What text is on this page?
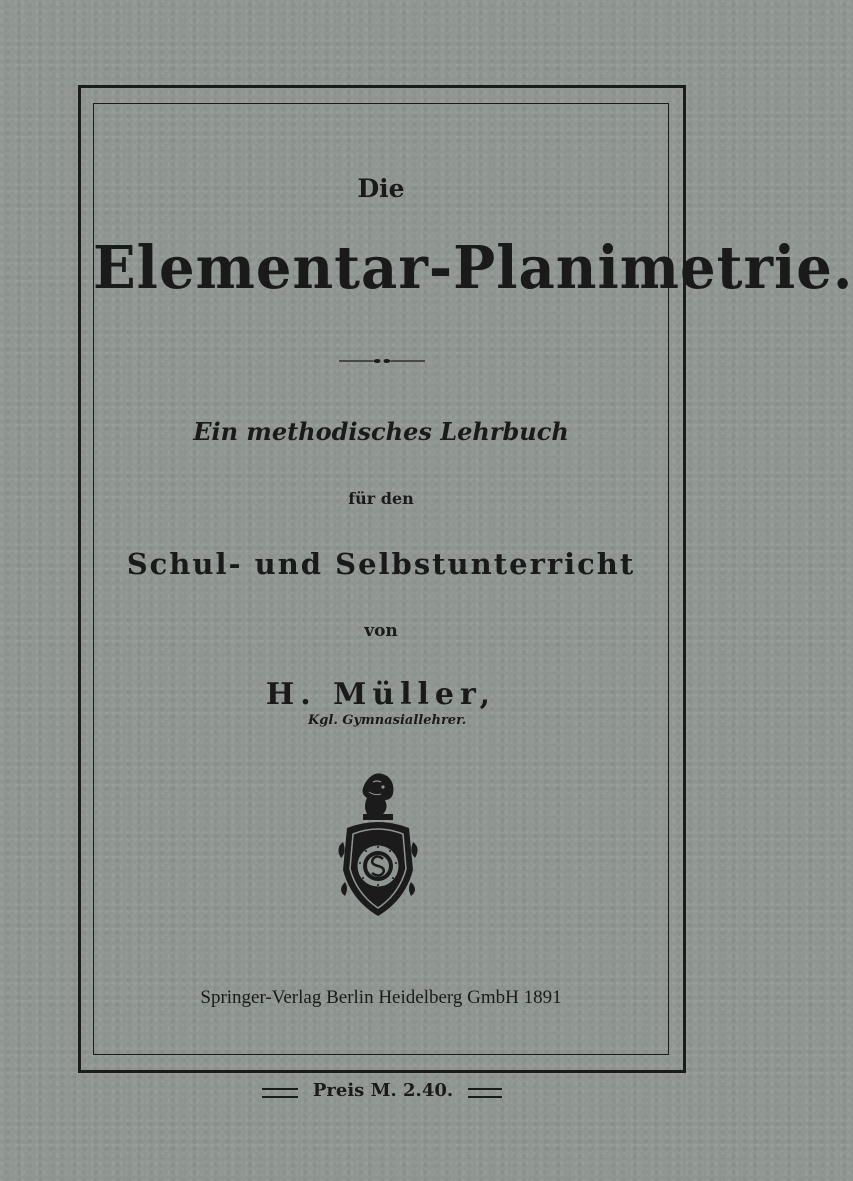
Die
Elementar-Planimetrie.
Ein methodisches Lehrbuch
für den
Schul- und Selbstunterricht
von
H. Müller,
Kgl. Gymnasiallehrer.
Springer-Verlag Berlin Heidelberg GmbH 1891
Preis M. 2.40.
